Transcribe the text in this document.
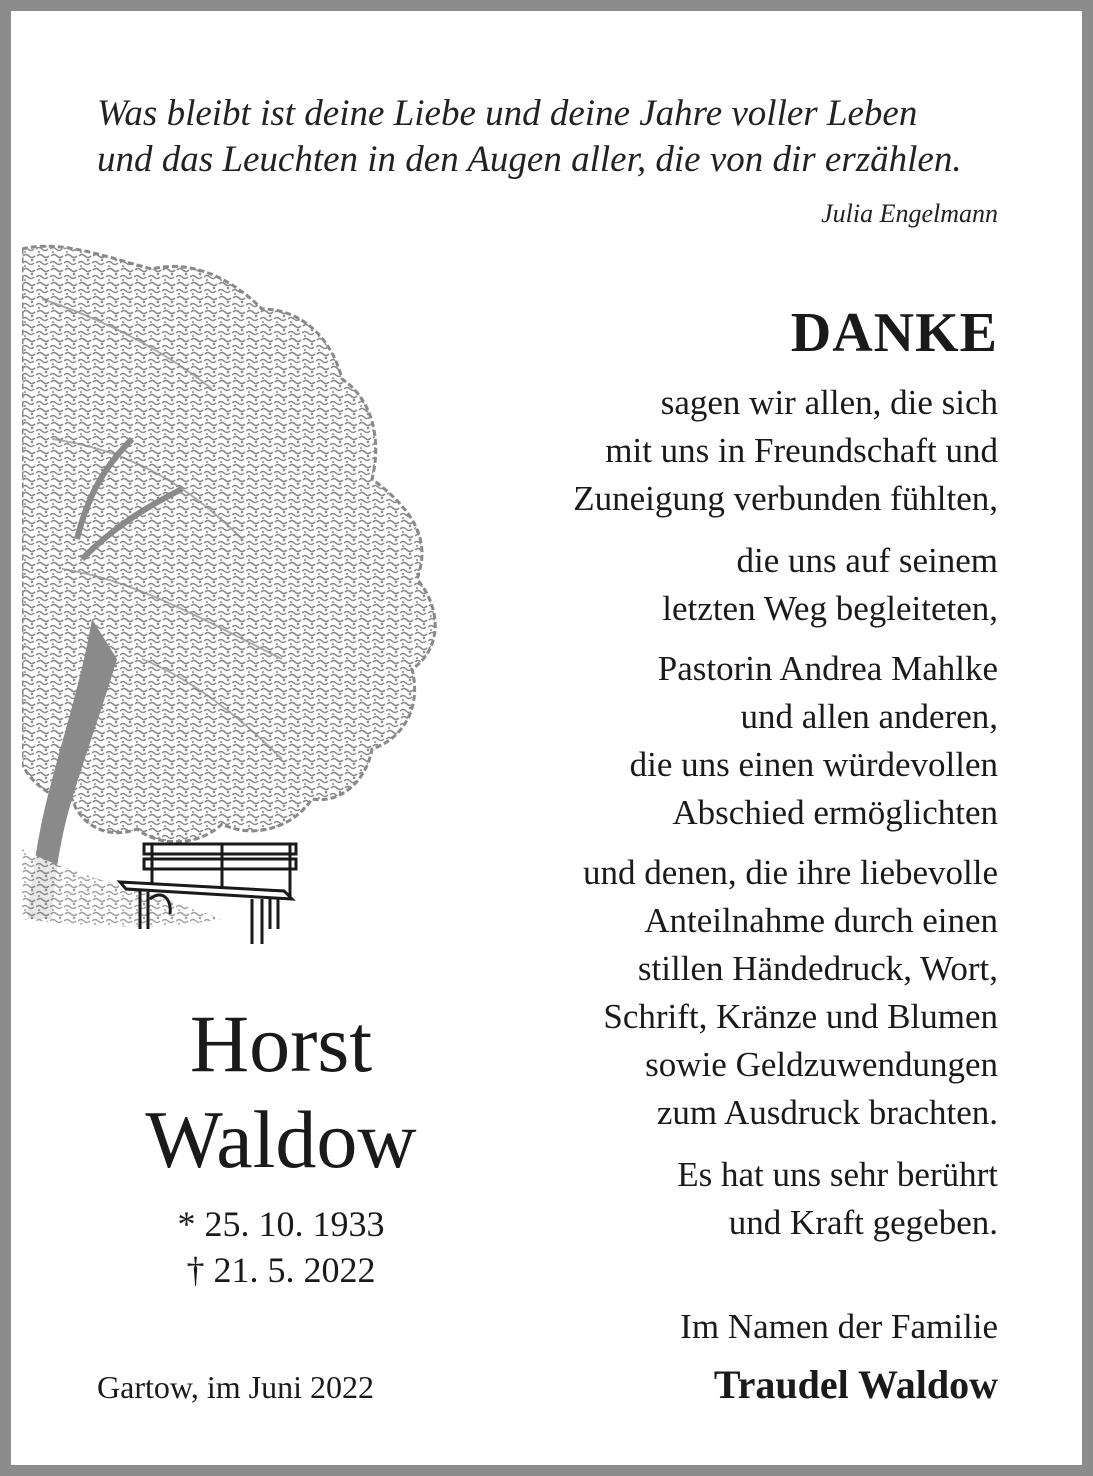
Was bleibt ist deine Liebe und deine Jahre voller Leben
und das Leuchten in den Augen aller, die von dir erzählen.
Julia Engelmann
Horst
Waldow
* 25. 10. 1933
† 21. 5. 2022
Gartow, im Juni 2022
DANKE
sagen wir allen, die sich
mit uns in Freundschaft und
Zuneigung verbunden fühlten,
die uns auf seinem
letzten Weg begleiteten,
Pastorin Andrea Mahlke
und allen anderen,
die uns einen würdevollen
Abschied ermöglichten
und denen, die ihre liebevolle
Anteilnahme durch einen
stillen Händedruck, Wort,
Schrift, Kränze und Blumen
sowie Geldzuwendungen
zum Ausdruck brachten.
Es hat uns sehr berührt
und Kraft gegeben.
Im Namen der Familie
Traudel Waldow
